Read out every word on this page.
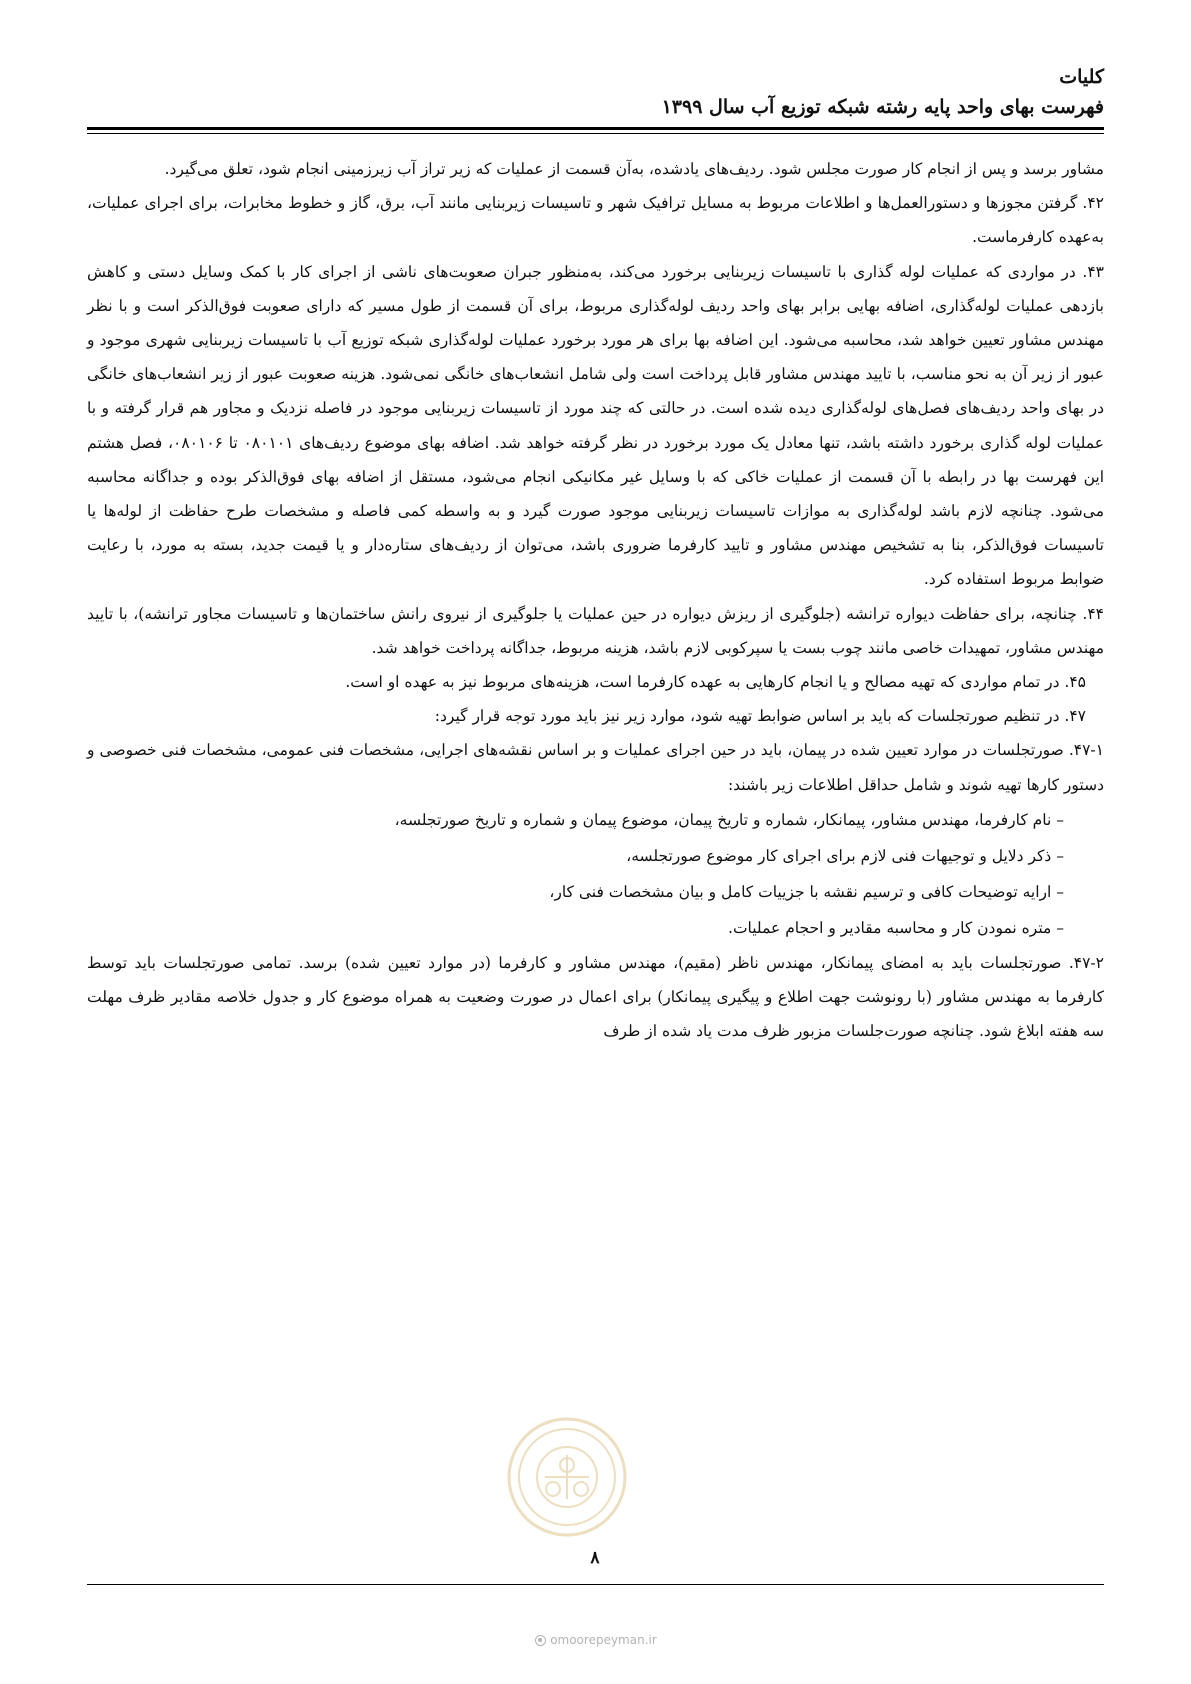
کلیات
فهرست بهای واحد پایه رشته شبکه توزیع آب سال ۱۳۹۹

مشاور برسد و پس از انجام کار صورت مجلس شود. ردیف‌های یادشده، به‌آن قسمت از عملیات که زیر تراز آب زیرزمینی انجام شود، تعلق می‌گیرد.

۴۲. گرفتن مجوزها و دستورالعمل‌ها و اطلاعات مربوط به مسایل ترافیک شهر و تاسیسات زیربنایی مانند آب، برق، گاز و خطوط مخابرات، برای اجرای عملیات، به‌عهده کارفرماست.

۴۳. در مواردی که عملیات لوله گذاری با تاسیسات زیربنایی برخورد می‌کند، به‌منظور جبران صعوبت‌های ناشی از اجرای کار با کمک وسایل دستی و کاهش بازدهی عملیات لوله‌گذاری، اضافه بهایی برابر بهای واحد ردیف لوله‌گذاری مربوط، برای آن قسمت از طول مسیر که دارای صعوبت فوق‌الذکر است و با نظر مهندس مشاور تعیین خواهد شد، محاسبه می‌شود. این اضافه بها برای هر مورد برخورد عملیات لوله‌گذاری شبکه توزیع آب با تاسیسات زیربنایی شهری موجود و عبور از زیر آن به نحو مناسب، با تایید مهندس مشاور قابل پرداخت است ولی شامل انشعاب‌های خانگی نمی‌شود. هزینه صعوبت عبور از زیر انشعاب‌های خانگی در بهای واحد ردیف‌های فصل‌های لوله‌گذاری دیده شده است. در حالتی که چند مورد از تاسیسات زیربنایی موجود در فاصله نزدیک و مجاور هم قرار گرفته و با عملیات لوله گذاری برخورد داشته باشد، تنها معادل یک مورد برخورد در نظر گرفته خواهد شد. اضافه بهای موضوع ردیف‌های ۰۸۰۱۰۱ تا ۰۸۰۱۰۶، فصل هشتم این فهرست بها در رابطه با آن قسمت از عملیات خاکی که با وسایل غیر مکانیکی انجام می‌شود، مستقل از اضافه بهای فوق‌الذکر بوده و جداگانه محاسبه می‌شود. چنانچه لازم باشد لوله‌گذاری به موازات تاسیسات زیربنایی موجود صورت گیرد و به واسطه کمی فاصله و مشخصات طرح حفاظت از لوله‌ها یا تاسیسات فوق‌الذکر، بنا به تشخیص مهندس مشاور و تایید کارفرما ضروری باشد، می‌توان از ردیف‌های ستاره‌دار و یا قیمت جدید، بسته به مورد، با رعایت ضوابط مربوط استفاده کرد.

۴۴. چنانچه، برای حفاظت دیواره ترانشه (جلوگیری از ریزش دیواره در حین عملیات یا جلوگیری از نیروی رانش ساختمان‌ها و تاسیسات مجاور ترانشه)، با تایید مهندس مشاور، تمهیدات خاصی مانند چوب بست یا سپرکوبی لازم باشد، هزینه مربوط، جداگانه پرداخت خواهد شد.

۴۵. در تمام مواردی که تهیه مصالح و یا انجام کارهایی به عهده کارفرما است، هزینه‌های مربوط نیز به عهده او است.

۴۷. در تنظیم صورتجلسات که باید بر اساس ضوابط تهیه شود، موارد زیر نیز باید مورد توجه قرار گیرد:

۴۷-۱. صورتجلسات در موارد تعیین شده در پیمان، باید در حین اجرای عملیات و بر اساس نقشه‌های اجرایی، مشخصات فنی عمومی، مشخصات فنی خصوصی و دستور کارها تهیه شوند و شامل حداقل اطلاعات زیر باشند:

– نام کارفرما، مهندس مشاور، پیمانکار، شماره و تاریخ پیمان، موضوع پیمان و شماره و تاریخ صورتجلسه،

– ذکر دلایل و توجیهات فنی لازم برای اجرای کار موضوع صورتجلسه،

– ارایه توضیحات کافی و ترسیم نقشه با جزییات کامل و بیان مشخصات فنی کار،

– متره نمودن کار و محاسبه مقادیر و احجام عملیات.

۴۷-۲. صورتجلسات باید به امضای پیمانکار، مهندس ناظر (مقیم)، مهندس مشاور و کارفرما (در موارد تعیین شده) برسد. تمامی صورتجلسات باید توسط کارفرما به مهندس مشاور (با رونوشت جهت اطلاع و پیگیری پیمانکار) برای اعمال در صورت وضعیت به همراه موضوع کار و جدول خلاصه مقادیر ظرف مهلت سه هفته ابلاغ شود. چنانچه صورت‌جلسات مزبور ظرف مدت یاد شده از طرف

۸
omoorepeyman.ir
